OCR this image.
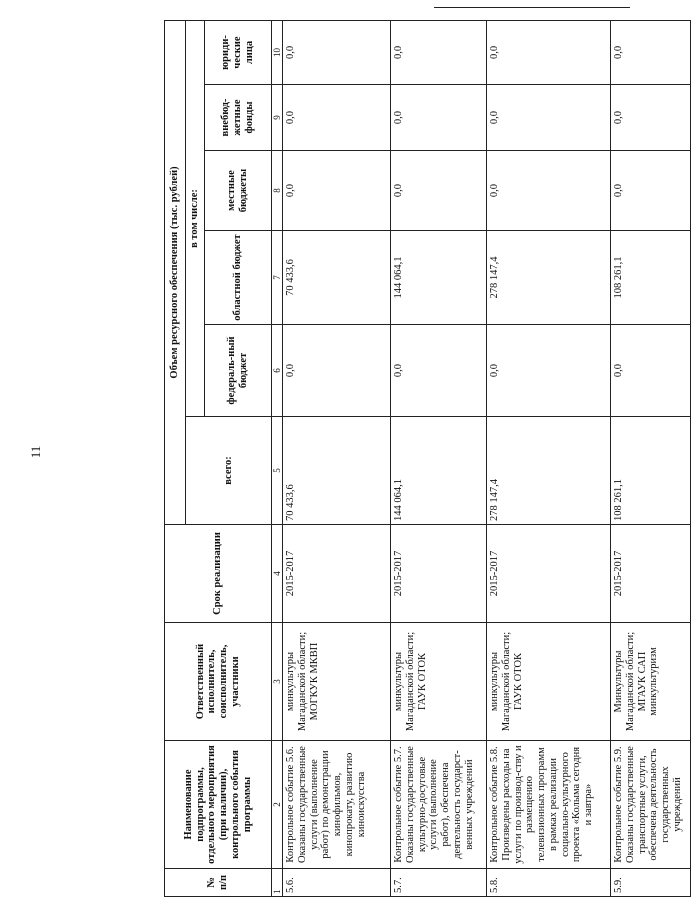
11
№ п/п	Наименование подпрограммы, отдельного мероприятия (при наличии), контрольного события программы	Ответственный исполнитель, соисполнитель, участники	Срок реализации	Объем ресурсного обеспечения (тыс. рублей)					
				всего:	в том числе:				
					федераль-ный бюджет	областной бюджет	местные бюджеты	внебюд-жетные фонды	юриди-ческие лица
1	2	3	4	5	6	7	8	9	10
5.6.	Контрольное событие 5.6. Оказаны государственные услуги (выполнение работ) по демонстрации кинофильмов, кинопрокату, развитию киноискусства	минкультуры Магаданской области; МОГКУК МКВП	2015-2017	70 433,6	0,0	70 433,6	0,0	0,0	0,0
5.7.	Контрольное событие 5.7. Оказаны государственные культурно-досуговые услуги (выполнение работ), обеспечена деятельность государст-венных учреждений	минкультуры Магаданской области; ГАУК ОТОК	2015-2017	144 064,1	0,0	144 064,1	0,0	0,0	0,0
5.8.	Контрольное событие 5.8. Произведены расходы на услуги по производ-ству и размещению телевизионных программ в рамках реализации социально-культурного проекта «Колыма сегодня и завтра»	минкультуры Магаданской области; ГАУК ОТОК	2015-2017	278 147,4	0,0	278 147,4	0,0	0,0	0,0
5.9.	Контрольное событие 5.9. Оказаны государственные транспортные услуги, обеспечена деятельность государственных учреждений	Минкультуры Магаданской области; МГАУК САП минкультуризм	2015-2017	108 261,1	0,0	108 261,1	0,0	0,0	0,0
